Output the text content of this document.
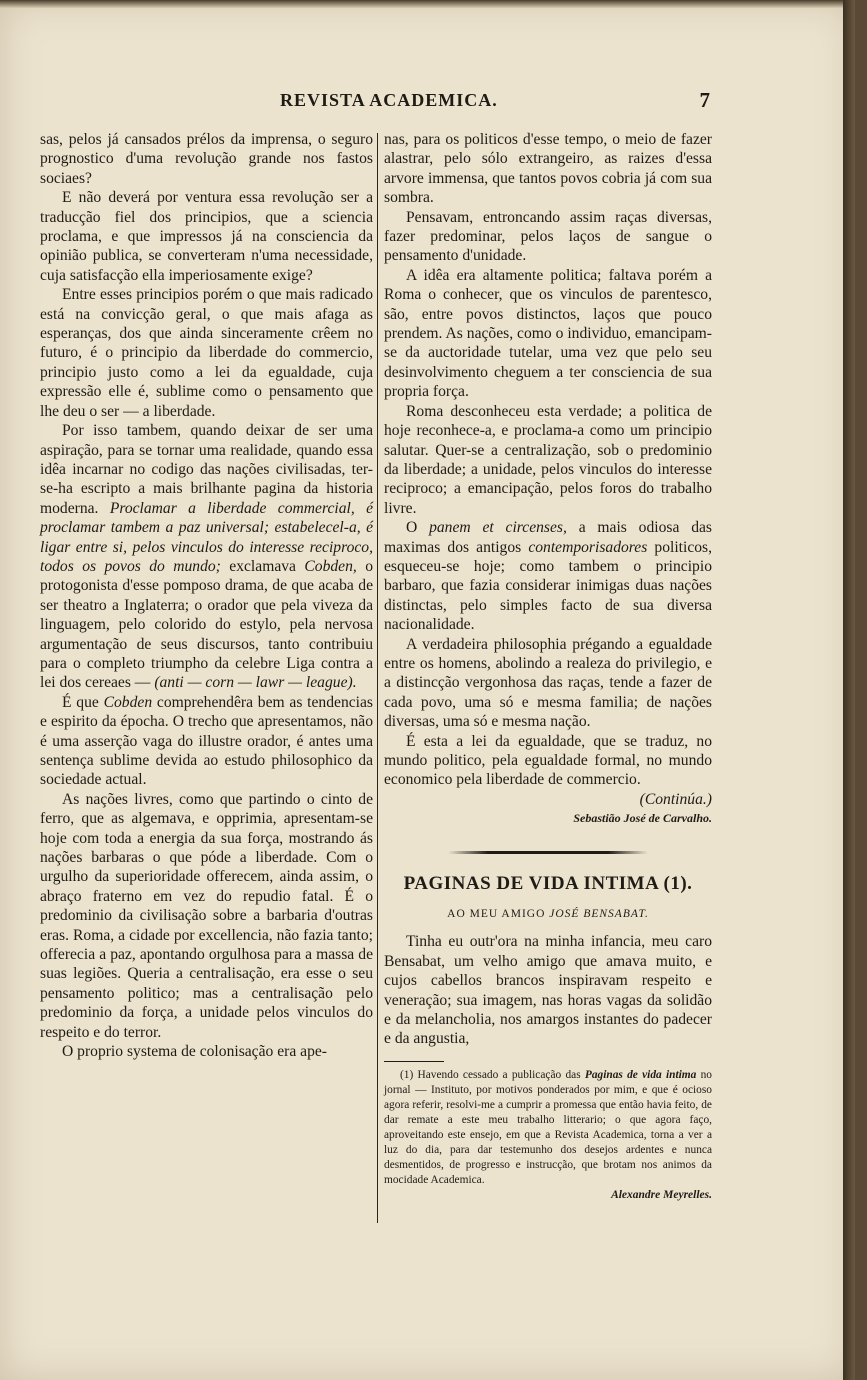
REVISTA ACADEMICA.	7

sas, pelos já cansados prélos da imprensa, o seguro prognostico d'uma revolução grande nos fastos sociaes?

E não deverá por ventura essa revolução ser a traducção fiel dos principios, que a sciencia proclama, e que impressos já na consciencia da opinião publica, se converteram n'uma necessidade, cuja satisfacção ella imperiosamente exige?

Entre esses principios porém o que mais radicado está na convicção geral, o que mais afaga as esperanças, dos que ainda sinceramente crêem no futuro, é o principio da liberdade do commercio, principio justo como a lei da egualdade, cuja expressão elle é, sublime como o pensamento que lhe deu o ser — a liberdade.

Por isso tambem, quando deixar de ser uma aspiração, para se tornar uma realidade, quando essa idêa incarnar no codigo das nações civilisadas, ter-se-ha escripto a mais brilhante pagina da historia moderna. Proclamar a liberdade commercial, é proclamar tambem a paz universal; estabelecel-a, é ligar entre si, pelos vinculos do interesse reciproco, todos os povos do mundo; exclamava Cobden, o protogonista d'esse pomposo drama, de que acaba de ser theatro a Inglaterra; o orador que pela viveza da linguagem, pelo colorido do estylo, pela nervosa argumentação de seus discursos, tanto contribuiu para o completo triumpho da celebre Liga contra a lei dos cereaes — (anti — corn — lawr — league).

É que Cobden comprehendêra bem as tendencias e espirito da épocha. O trecho que apresentamos, não é uma asserção vaga do illustre orador, é antes uma sentença sublime devida ao estudo philosophico da sociedade actual.

As nações livres, como que partindo o cinto de ferro, que as algemava, e opprimia, apresentam-se hoje com toda a energia da sua força, mostrando ás nações barbaras o que póde a liberdade. Com o urgulho da superioridade offerecem, ainda assim, o abraço fraterno em vez do repudio fatal. É o predominio da civilisação sobre a barbaria d'outras eras. Roma, a cidade por excellencia, não fazia tanto; offerecia a paz, apontando orgulhosa para a massa de suas legiões. Queria a centralisação, era esse o seu pensamento politico; mas a centralisação pelo predominio da força, a unidade pelos vinculos do respeito e do terror.

O proprio systema de colonisação era ape-

nas, para os politicos d'esse tempo, o meio de fazer alastrar, pelo sólo extrangeiro, as raizes d'essa arvore immensa, que tantos povos cobria já com sua sombra.

Pensavam, entroncando assim raças diversas, fazer predominar, pelos laços de sangue o pensamento d'unidade.

A idêa era altamente politica; faltava porém a Roma o conhecer, que os vinculos de parentesco, são, entre povos distinctos, laços que pouco prendem. As nações, como o individuo, emancipam-se da auctoridade tutelar, uma vez que pelo seu desinvolvimento cheguem a ter consciencia de sua propria força.

Roma desconheceu esta verdade; a politica de hoje reconhece-a, e proclama-a como um principio salutar. Quer-se a centralização, sob o predominio da liberdade; a unidade, pelos vinculos do interesse reciproco; a emancipação, pelos foros do trabalho livre.

O panem et circenses, a mais odiosa das maximas dos antigos contemporisadores politicos, esqueceu-se hoje; como tambem o principio barbaro, que fazia considerar inimigas duas nações distinctas, pelo simples facto de sua diversa nacionalidade.

A verdadeira philosophia prégando a egualdade entre os homens, abolindo a realeza do privilegio, e a distincção vergonhosa das raças, tende a fazer de cada povo, uma só e mesma familia; de nações diversas, uma só e mesma nação.

É esta a lei da egualdade, que se traduz, no mundo politico, pela egualdade formal, no mundo economico pela liberdade de commercio.
(Continúa.)

Sebastião José de Carvalho.
PAGINAS DE VIDA INTIMA (1).
AO MEU AMIGO JOSÉ BENSABAT.

Tinha eu outr'ora na minha infancia, meu caro Bensabat, um velho amigo que amava muito, e cujos cabellos brancos inspiravam respeito e veneração; sua imagem, nas horas vagas da solidão e da melancholia, nos amargos instantes do padecer e da angustia,

(1) Havendo cessado a publicação das Paginas de vida intima no jornal — Instituto, por motivos ponderados por mim, e que é ocioso agora referir, resolvi-me a cumprir a promessa que então havia feito, de dar remate a este meu trabalho litterario; o que agora faço, aproveitando este ensejo, em que a Revista Academica, torna a ver a luz do dia, para dar testemunho dos desejos ardentes e nunca desmentidos, de progresso e instrucção, que brotam nos animos da mocidade Academica.

Alexandre Meyrelles.
